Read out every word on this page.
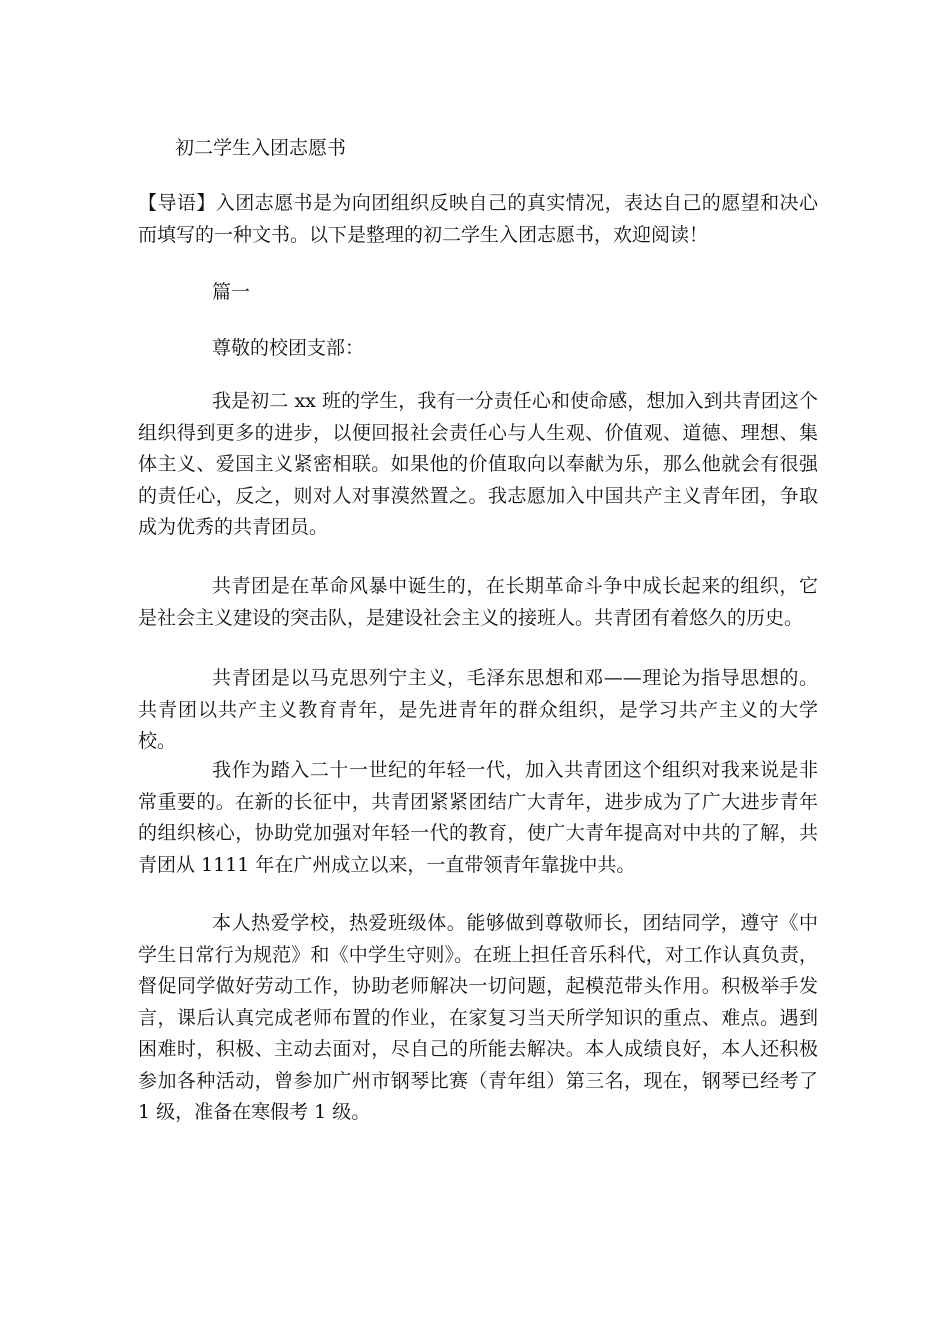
初二学生入团志愿书
【导语】入团志愿书是为向团组织反映自己的真实情况，表达自己的愿望和决心而填写的一种文书。以下是整理的初二学生入团志愿书，欢迎阅读！
篇一
尊敬的校团支部：
我是初二 xx 班的学生，我有一分责任心和使命感，想加入到共青团这个组织得到更多的进步，以便回报社会责任心与人生观、价值观、道德、理想、集体主义、爱国主义紧密相联。如果他的价值取向以奉献为乐，那么他就会有很强的责任心，反之，则对人对事漠然置之。我志愿加入中国共产主义青年团，争取成为优秀的共青团员。
共青团是在革命风暴中诞生的，在长期革命斗争中成长起来的组织，它是社会主义建设的突击队，是建设社会主义的接班人。共青团有着悠久的历史。
共青团是以马克思列宁主义，毛泽东思想和邓——理论为指导思想的。共青团以共产主义教育青年，是先进青年的群众组织，是学习共产主义的大学校。
我作为踏入二十一世纪的年轻一代，加入共青团这个组织对我来说是非常重要的。在新的长征中，共青团紧紧团结广大青年，进步成为了广大进步青年的组织核心，协助党加强对年轻一代的教育，使广大青年提高对中共的了解，共青团从 1111 年在广州成立以来，一直带领青年靠拢中共。
本人热爱学校，热爱班级体。能够做到尊敬师长，团结同学，遵守《中学生日常行为规范》和《中学生守则》。在班上担任音乐科代，对工作认真负责，督促同学做好劳动工作，协助老师解决一切问题，起模范带头作用。积极举手发言，课后认真完成老师布置的作业，在家复习当天所学知识的重点、难点。遇到困难时，积极、主动去面对，尽自己的所能去解决。本人成绩良好，本人还积极参加各种活动，曾参加广州市钢琴比赛（青年组）第三名，现在，钢琴已经考了 1 级，准备在寒假考 1 级。
